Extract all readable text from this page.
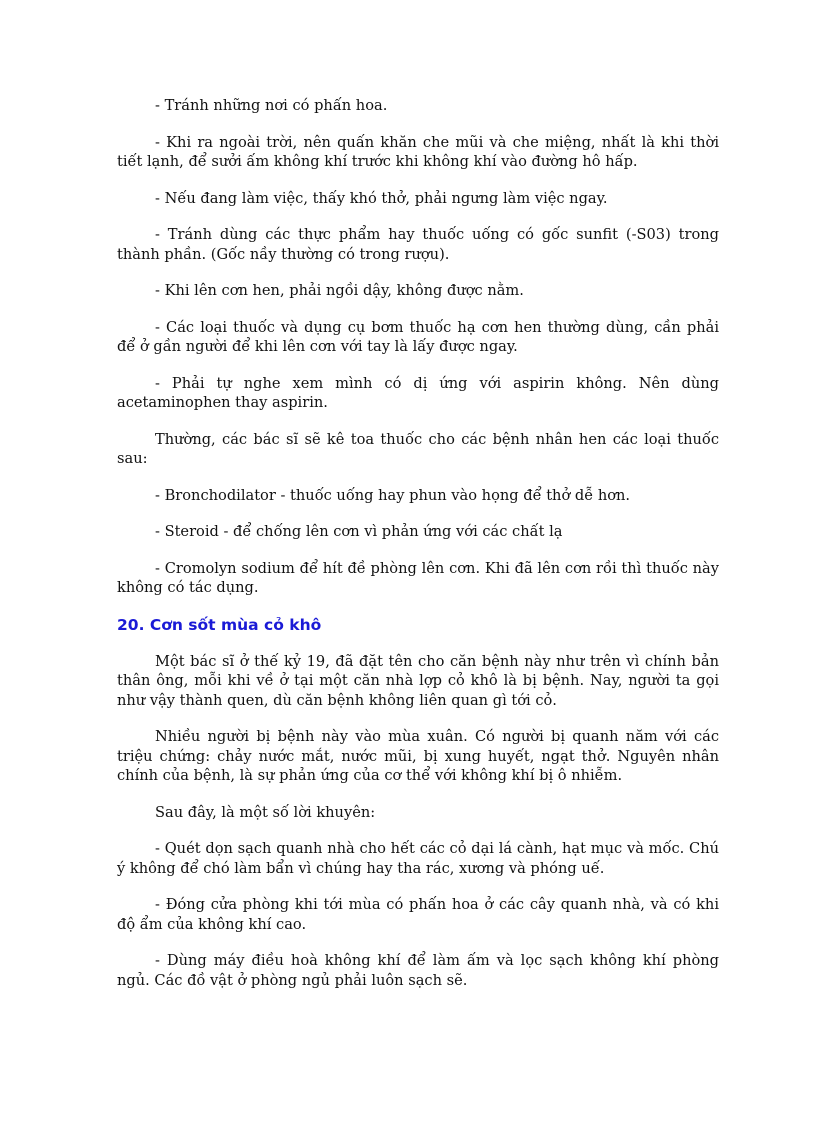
- Tránh những nơi có phấn hoa.

- Khi ra ngoài trời, nên quấn khăn che mũi và che miệng, nhất là khi thời tiết lạnh, để sưởi ấm không khí trước khi không khí vào đường hô hấp.

- Nếu đang làm việc, thấy khó thở, phải ngưng làm việc ngay.

- Tránh dùng các thực phẩm hay thuốc uống có gốc sunfit (-S03) trong thành phần. (Gốc nầy thường có trong rượu).

- Khi lên cơn hen, phải ngồi dậy, không được nằm.

- Các loại thuốc và dụng cụ bơm thuốc hạ cơn hen thường dùng, cần phải để ở gần người để khi lên cơn với tay là lấy được ngay.

- Phải tự nghe xem mình có dị ứng với aspirin không. Nên dùng acetaminophen thay aspirin.

Thường, các bác sĩ sẽ kê toa thuốc cho các bệnh nhân hen các loại thuốc sau:

- Bronchodilator - thuốc uống hay phun vào họng để thở dễ hơn.

- Steroid - để chống lên cơn vì phản ứng với các chất lạ

- Cromolyn sodium để hít đề phòng lên cơn. Khi đã lên cơn rồi thì thuốc này không có tác dụng.

20. Cơn sốt mùa cỏ khô

Một bác sĩ ở thế kỷ 19, đã đặt tên cho căn bệnh này như trên vì chính bản thân ông, mỗi khi về ở tại một căn nhà lợp cỏ khô là bị bệnh. Nay, người ta gọi như vậy thành quen, dù căn bệnh không liên quan gì tới cỏ.

Nhiều người bị bệnh này vào mùa xuân. Có người bị quanh năm với các triệu chứng: chảy nước mắt, nước mũi, bị xung huyết, ngạt thở. Nguyên nhân chính của bệnh, là sự phản ứng của cơ thể với không khí bị ô nhiễm.

Sau đây, là một số lời khuyên:

- Quét dọn sạch quanh nhà cho hết các cỏ dại lá cành, hạt mục và mốc. Chú ý không để chó làm bẩn vì chúng hay tha rác, xương và phóng uế.

- Đóng cửa phòng khi tới mùa có phấn hoa ở các cây quanh nhà, và có khi độ ẩm của không khí cao.

- Dùng máy điều hoà không khí để làm ấm và lọc sạch không khí phòng ngủ. Các đồ vật ở phòng ngủ phải luôn sạch sẽ.
